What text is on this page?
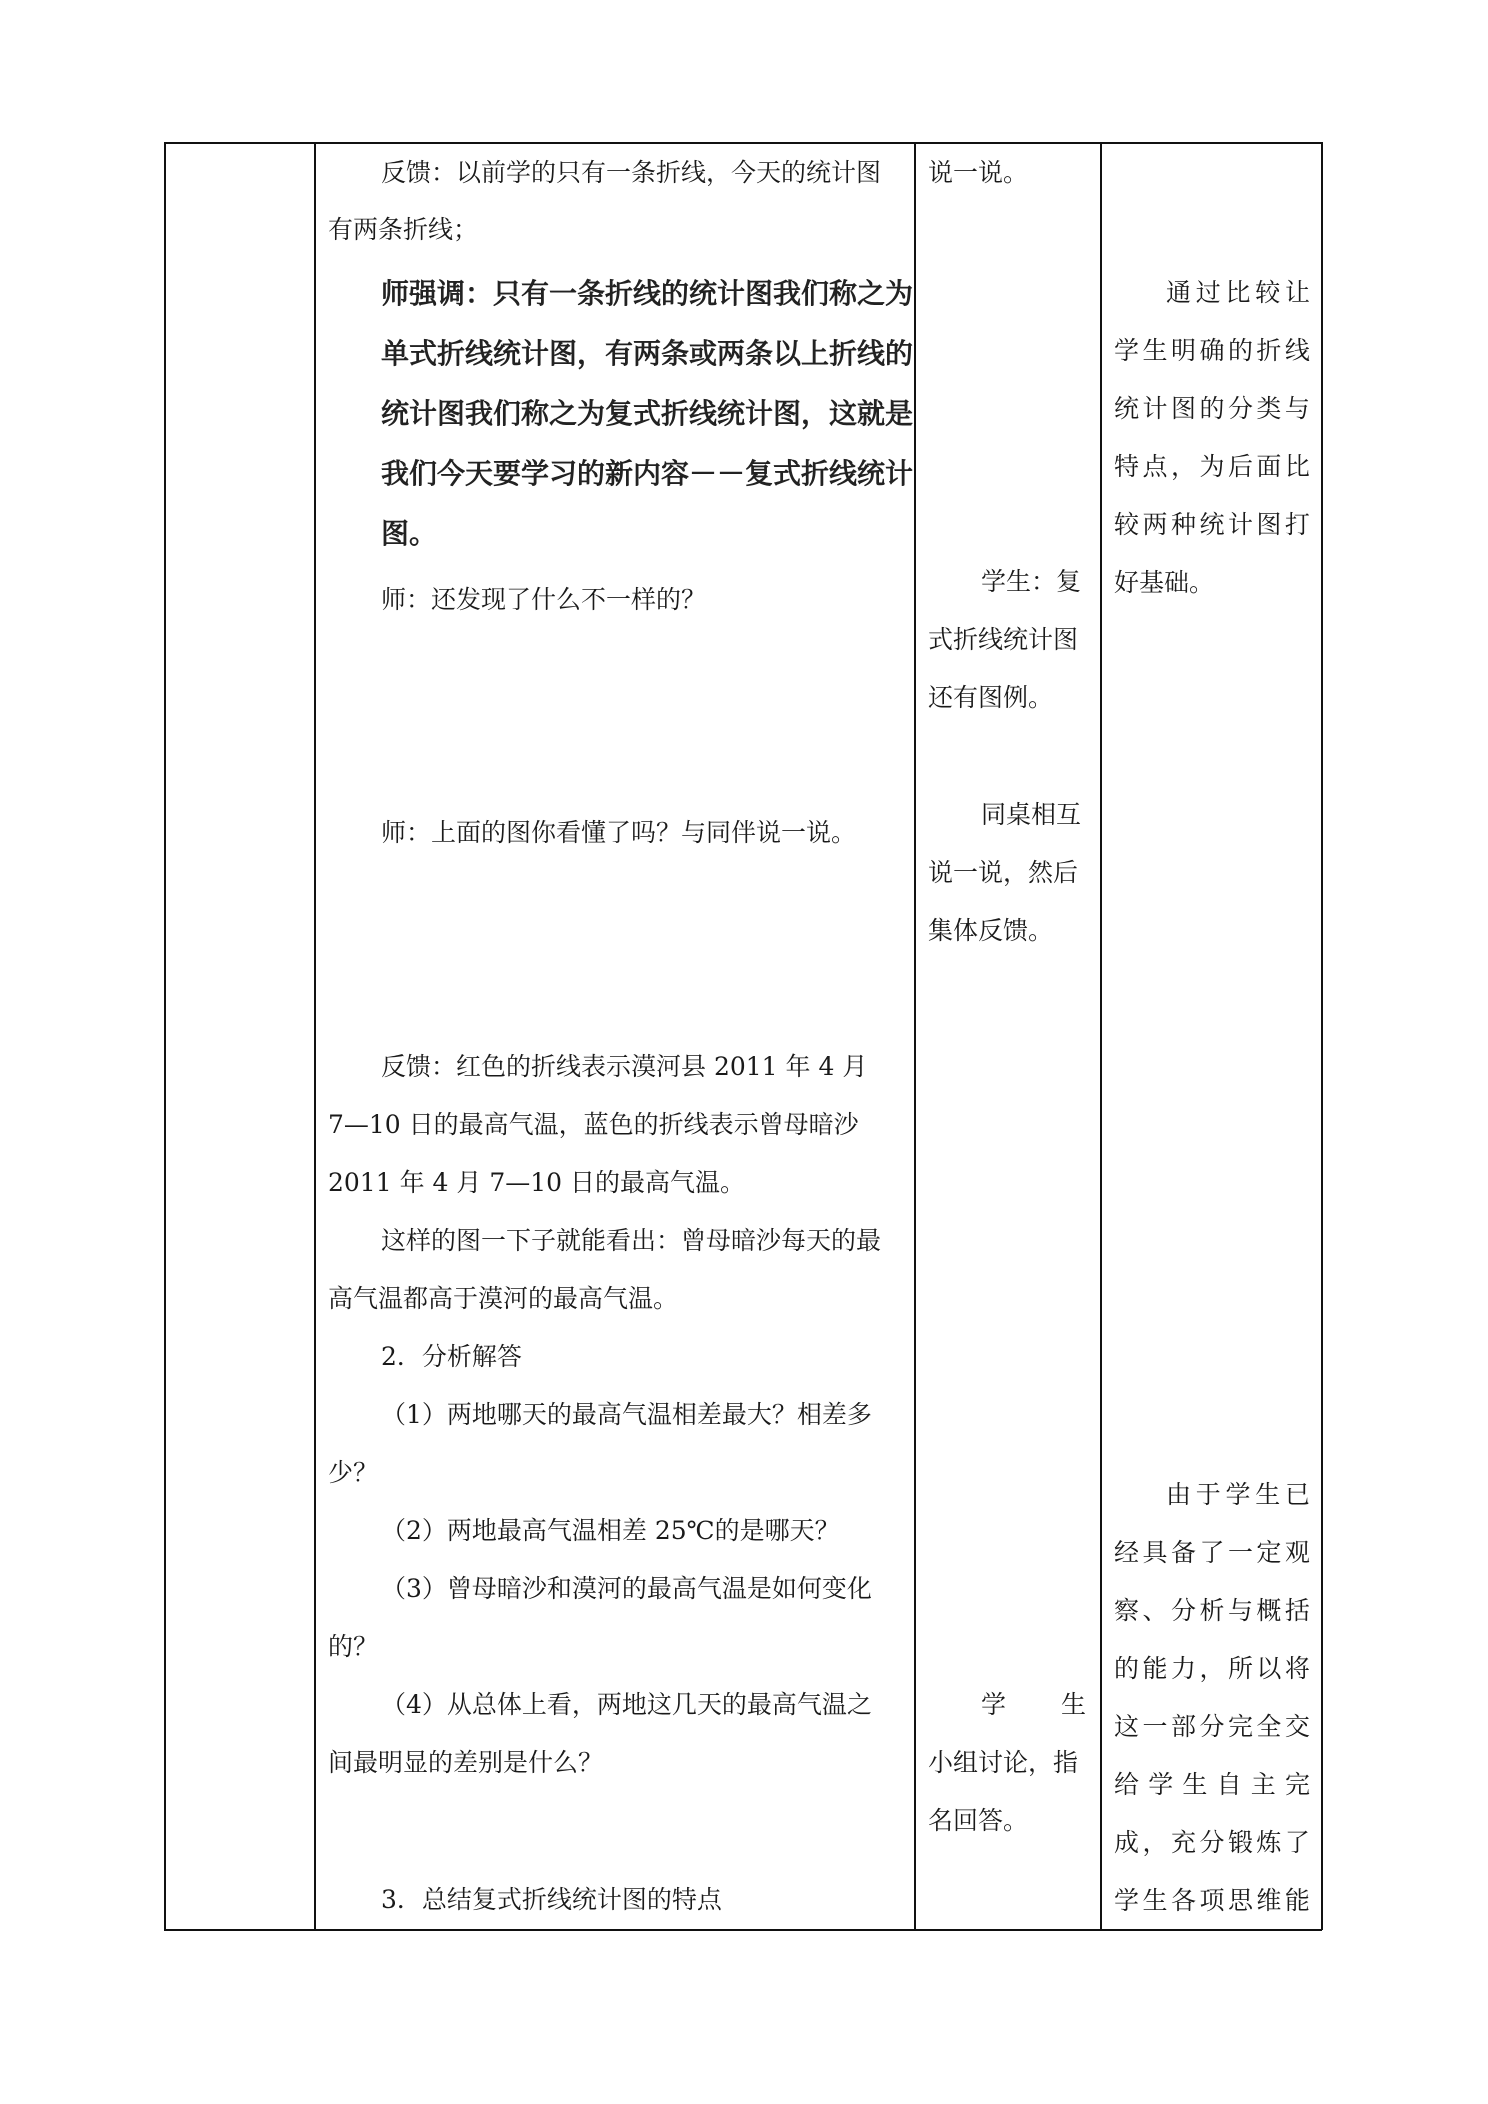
反馈：以前学的只有一条折线，今天的统计图
有两条折线；
师强调：只有一条折线的统计图我们称之为
单式折线统计图，有两条或两条以上折线的
统计图我们称之为复式折线统计图，这就是
我们今天要学习的新内容－－复式折线统计
图。
师：还发现了什么不一样的？
师：上面的图你看懂了吗？与同伴说一说。
反馈：红色的折线表示漠河县 2011 年 4 月
7—10 日的最高气温，蓝色的折线表示曾母暗沙
2011 年 4 月 7—10 日的最高气温。
这样的图一下子就能看出：曾母暗沙每天的最
高气温都高于漠河的最高气温。
2．分析解答
（1）两地哪天的最高气温相差最大？相差多
少？
（2）两地最高气温相差 25℃的是哪天？
（3）曾母暗沙和漠河的最高气温是如何变化
的？
（4）从总体上看，两地这几天的最高气温之
间最明显的差别是什么？
3．总结复式折线统计图的特点
说一说。
学生：复
式折线统计图
还有图例。
同桌相互
说一说，然后
集体反馈。
学 生
小组讨论，指
名回答。
通 过 比 较 让
学 生 明 确 的 折 线
统 计 图 的 分 类 与
特 点 ， 为 后 面 比
较 两 种 统 计 图 打
好基础。
由 于 学 生 已
经 具 备 了 一 定 观
察 、 分 析 与 概 括
的 能 力 ， 所 以 将
这 一 部 分 完 全 交
给 学 生 自 主 完
成 ， 充 分 锻 炼 了
学 生 各 项 思 维 能
